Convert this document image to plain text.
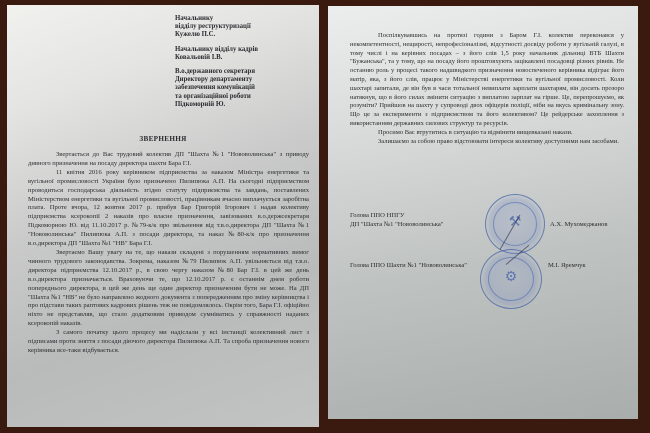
Начальнику
відділу реструктуризації
Кужелю П.С.

Начальнику відділу кадрів
Ковальовій І.В.

В.о.державного секретаря
Директору департаменту
забезпечення комунікацій
та організаційної роботи
Підкоморній Ю.

ЗВЕРНЕННЯ

Звертається до Вас трудовий колектив ДП "Шахта №1 "Нововолинська" з приводу дивного призначення на посаду директора шахти Бара Г.І.

11 квітня 2016 року керівником підприємства за наказом Міністра енергетики та вугільної промисловості України було призначено Пилипюка А.П. На сьогодні підприємством проводиться господарська діяльність згідно статуту підприємства та завдань, поставлених Міністерством енергетики та вугільної промисловості, працівникам вчасно виплачується заробітна плата. Проте вчора, 12 жовтня 2017 р. прибув Бар Григорій Ігорович і надав колективу підприємства ксерокопії 2 наказів про власне призначення, завізованих в.о.держсекретаря Підкоморною Ю. від 11.10.2017 р. №79-к/к про звільнення від т.в.о.директора ДП "Шахта №1 "Нововолинська" Пилипюка А.П. з посади директора, та наказ №80-к/к про призначення в.о.директора ДП "Шахта №1 "НВ" Бара Г.І.

Звертаємо Вашу увагу на те, що накази складені з порушенням нормативних вимог чинного трудового законодавства. Зокрема, наказом №79 Пилипюк А.П. увільняється від т.в.о. директора підприємства 12.10.2017 р., в свою чергу наказом №80 Бар Г.І. в цей же день в.о.директора призначається. Враховуючи те, що 12.10.2017 р. є останнім днем роботи попереднього директора, в цей же день ще один директор призначеним бути не може. На ДП "Шахта №1 "НВ" не було направлено жодного документа з попередженням про зміну керівництва і про підстави таких раптових кадрових рішень теж не повідомлялось. Окрім того, Бара Г.І. офіційно ніхто не представляв, що стало додатковим приводом сумніватись у справжності наданих ксерокопій наказів.

З самого початку цього процесу ми надіслали у всі інстанції колективний лист з підписами проти зняття з посади діючого директора Пилипюка А.П. Та спроба призначення нового керівника все-таки відбувається.

Поспілкувавшись на протязі години з Баром Г.І. колектив переконався у некомпетентності, нещирості, непрофесіоналізмі, відсутності досвіду роботи у вугільній галузі, в тому числі і на керівних посадах – з його слів 1,5 року начальник дільниці ВТБ Шахти "Бужанська", та у тому, що на посаду його проштовхують зацікавлені посадовці різних рівнів. Не останню роль у процесі такого надшвидкого призначення новоспеченого керівника відіграє його матір, яка, з його слів, працює у Міністерстві енергетики та вугільної промисловості. Коли шахтарі запитали, де він був в часи тотальної невиплати зарплати шахтарям, він досить прозоро натякнув, що в його силах змінити ситуацію з виплатою зарплат на гірше. Це, перепрошуємо, як розуміти? Прийшов на шахту у супроводі двох офіцерів поліції, ніби на вкусь кримінальну зону. Що це за експерименти з підприємством та його колективом? Це рейдерське захоплення з використанням державних силових структур та ресурсів.

Просимо Вас втрутитись в ситуацію та відмінити вищевказані накази.

Залишаємо за собою право відстоювати інтереси колективу доступними нам засобами.

⚒
⚙
Голова ППО НПГУ
ДП "Шахта №1 "Нововолинська"	А.Х. Мухомеджанов
Голова ППО Шахти №1 "Нововолинська"	М.І. Яремчук
